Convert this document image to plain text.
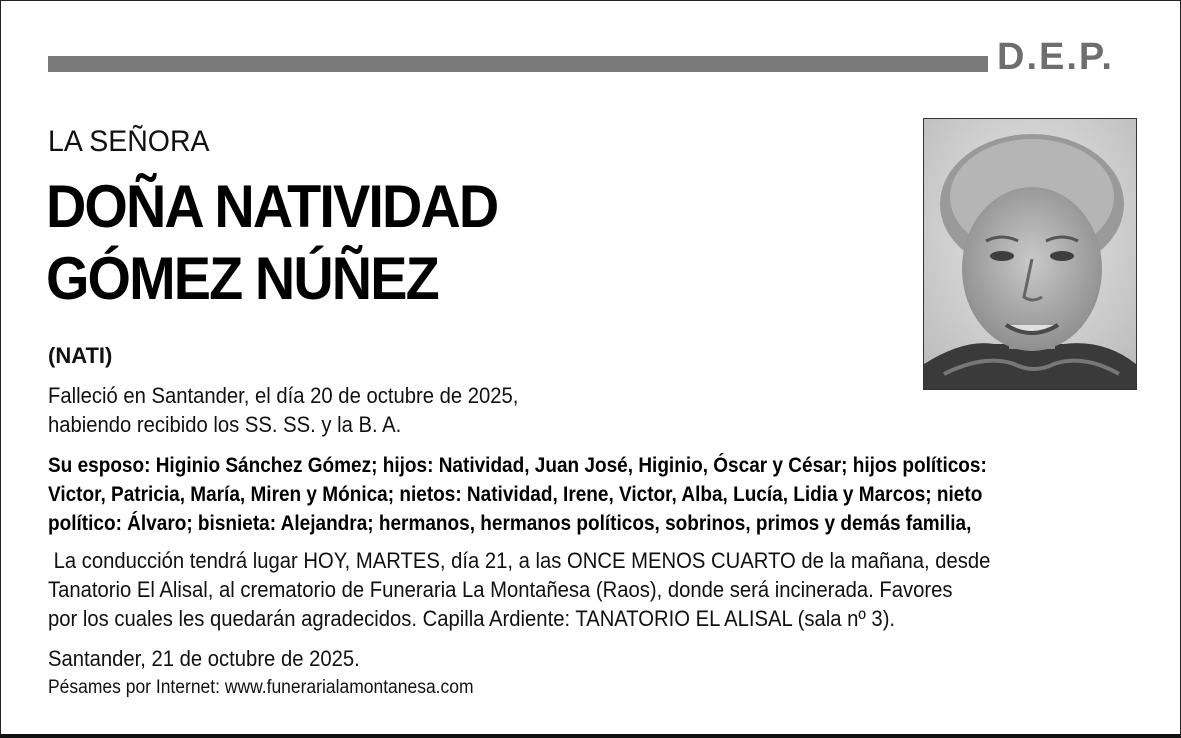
D.E.P.
LA SEÑORA
DOÑA NATIVIDAD
GÓMEZ NÚÑEZ
(NATI)
Falleció en Santander, el día 20 de octubre de 2025,
habiendo recibido los SS. SS. y la B. A.
Su esposo: Higinio Sánchez Gómez; hijos: Natividad, Juan José, Higinio, Óscar y César; hijos políticos:
Victor, Patricia, María, Miren y Mónica; nietos: Natividad, Irene, Victor, Alba, Lucía, Lidia y Marcos; nieto
político: Álvaro; bisnieta: Alejandra; hermanos, hermanos políticos, sobrinos, primos y demás familia,
La conducción tendrá lugar HOY, MARTES, día 21, a las ONCE MENOS CUARTO de la mañana, desde
Tanatorio El Alisal, al crematorio de Funeraria La Montañesa (Raos), donde será incinerada. Favores
por los cuales les quedarán agradecidos. Capilla Ardiente: TANATORIO EL ALISAL (sala nº 3).
Santander, 21 de octubre de 2025.
Pésames por Internet: www.funerarialamontanesa.com
